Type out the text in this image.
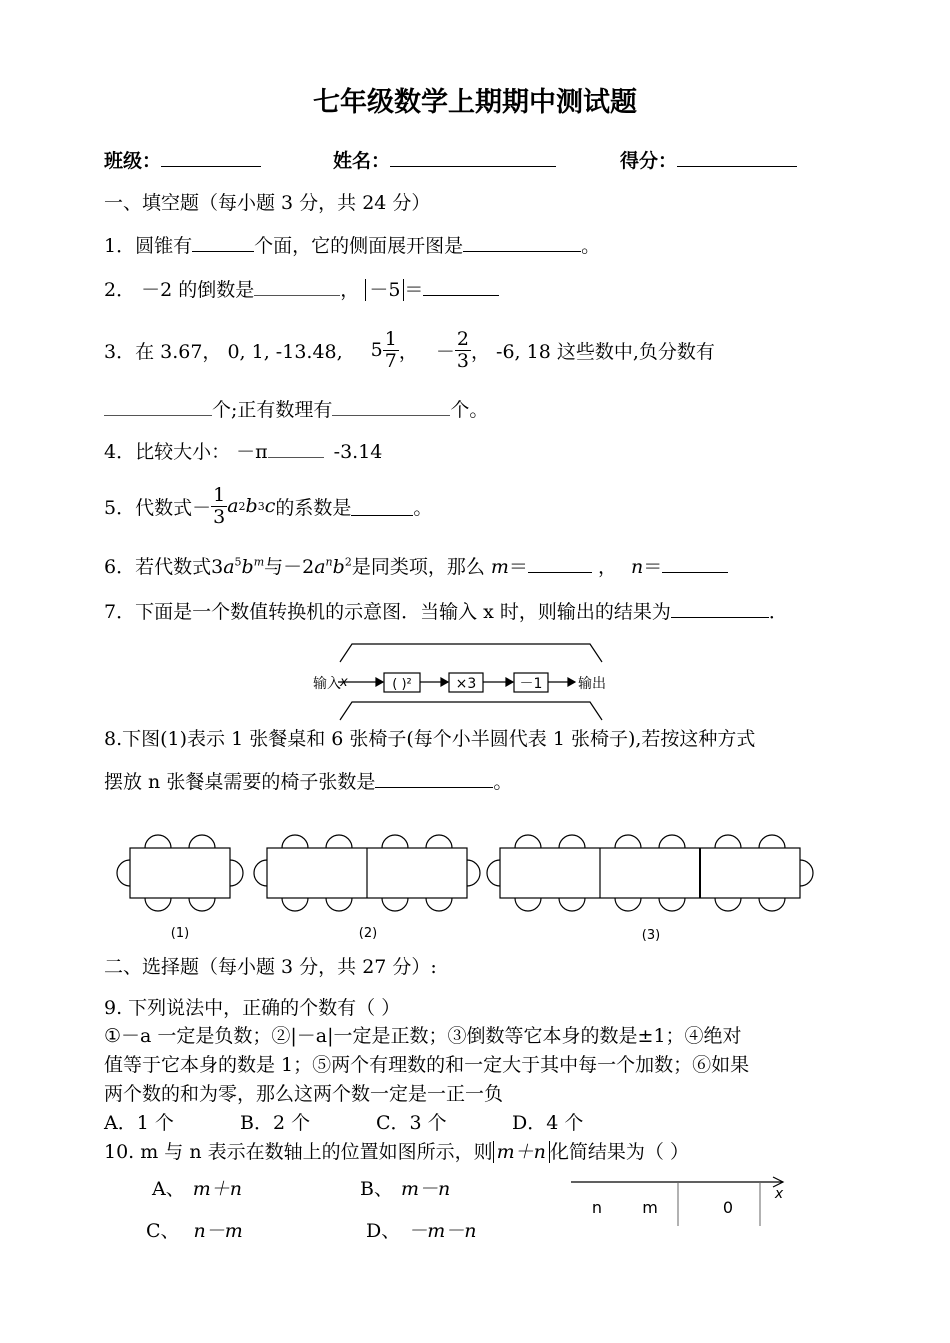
七年级数学上期期中测试题
班级：	姓名：	得分：
一、填空题（每小题 3 分，共 24 分）
1．圆锥有	个面，它的侧面展开图是	。
2． －2 的倒数是	， －5 ＝
3．在 3.67， 0, 1, -13.48, $5 \frac{1}{7}$ ， － $\frac{2}{3}$ ， -6, 18 这些数中,负分数有
个;正有数理有	个。
4．比较大小： －π	-3.14
5．代数式－ $\frac{1}{3}$ a 2 b 3 c 的系数是	。
6．若代数式$3a^5b^m$与$-2a^nb^2$是同类项，那么 m＝	， n＝
7．下面是一个数值转换机的示意图．当输入 x 时，则输出的结果为	．
输入 x	( )²	×3	－1	输出
8.下图(1)表示 1 张餐桌和 6 张椅子(每个小半圆代表 1 张椅子),若按这种方式
摆放 n 张餐桌需要的椅子张数是	。
(1)	(2)	(3)
二、选择题（每小题 3 分，共 27 分）:
9. 下列说法中，正确的个数有（ ）
①－a 一定是负数；②|－a|一定是正数；③倒数等它本身的数是±1；④绝对
值等于它本身的数是 1；⑤两个有理数的和一定大于其中每一个加数；⑥如果
两个数的和为零，那么这两个数一定是一正一负
A．1 个	B．2 个	C．3 个	D．4 个
10. m 与 n 表示在数轴上的位置如图所示，则 m＋n 化简结果为（ ）
A、 m＋n	B、 m－n
C、 n－m	D、 －m－n
n	m	0
x
